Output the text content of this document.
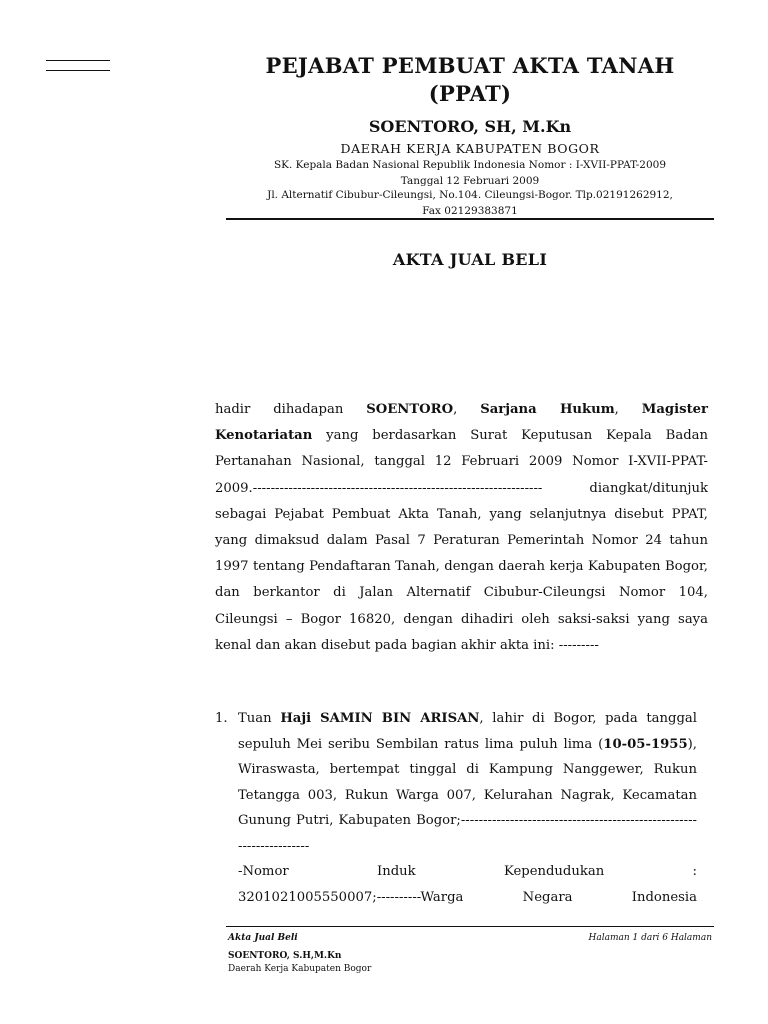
PEJABAT PEMBUAT AKTA TANAH
(PPAT)
SOENTORO, SH, M.Kn
DAERAH KERJA KABUPATEN BOGOR
SK. Kepala Badan Nasional Republik Indonesia Nomor : I-XVII-PPAT-2009
Tanggal 12 Februari 2009
Jl. Alternatif Cibubur-Cileungsi, No.104. Cileungsi-Bogor. Tlp.02191262912,
Fax 02129383871
AKTA JUAL BELI
hadir dihadapan SOENTORO, Sarjana Hukum, Magister Kenotariatan yang berdasarkan Surat Keputusan Kepala Badan Pertanahan Nasional, tanggal 12 Februari 2009 Nomor I-XVII-PPAT-2009.----------------------------------------------------------------- diangkat/ditunjuk sebagai Pejabat Pembuat Akta Tanah, yang selanjutnya disebut PPAT, yang dimaksud dalam Pasal 7 Peraturan Pemerintah Nomor 24 tahun 1997 tentang Pendaftaran Tanah, dengan daerah kerja Kabupaten Bogor, dan berkantor di Jalan Alternatif Cibubur-Cileungsi Nomor 104, Cileungsi – Bogor 16820, dengan dihadiri oleh saksi-saksi yang saya kenal dan akan disebut pada bagian akhir akta ini: ---------
1. Tuan Haji SAMIN BIN ARISAN, lahir di Bogor, pada tanggal sepuluh Mei seribu Sembilan ratus lima puluh lima (10-05-1955), Wiraswasta, bertempat tinggal di Kampung Nanggewer, Rukun Tetangga 003, Rukun Warga 007, Kelurahan Nagrak, Kecamatan Gunung Putri, Kabupaten Bogor;---------------------------------------------------------------------
-Nomor	Induk	Kependudukan	:
3201021005550007;----------Warga	Negara	Indonesia
Akta Jual Beli	Halaman 1 dari 6 Halaman
SOENTORO, S.H,M.Kn
Daerah Kerja Kabupaten Bogor
